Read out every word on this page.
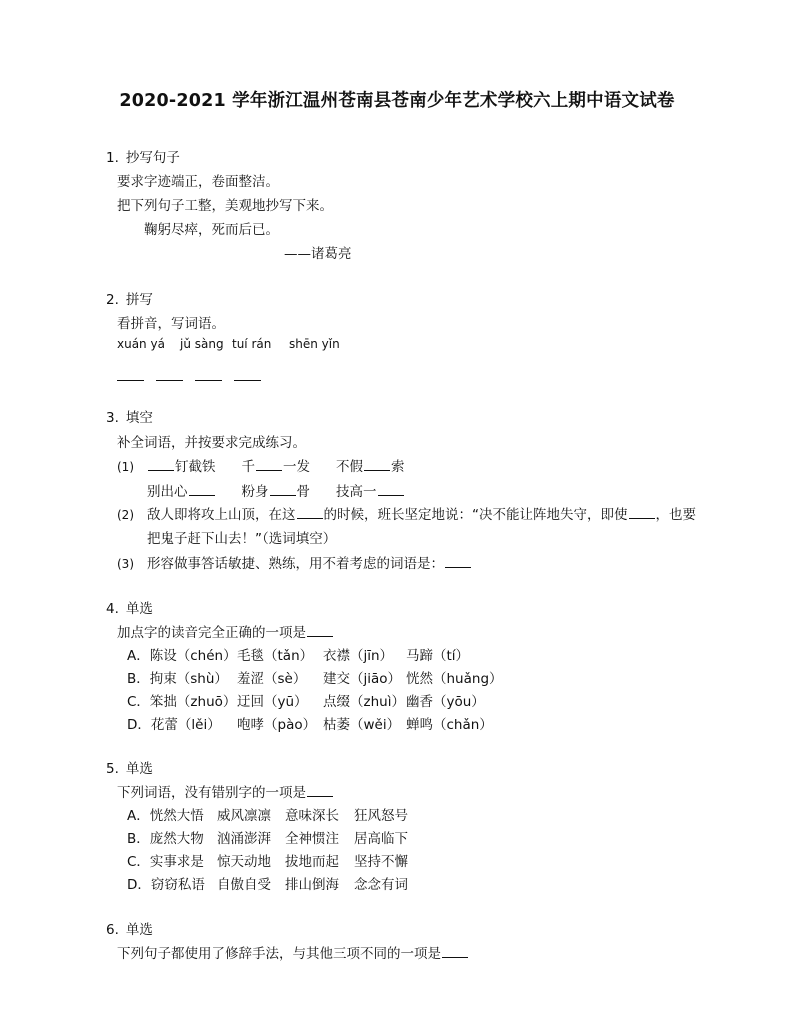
2020-2021 学年浙江温州苍南县苍南少年艺术学校六上期中语文试卷
1. 抄写句子
要求字迹端正，卷面整洁。
把下列句子工整，美观地抄写下来。
鞠躬尽瘁，死而后已。
——诸葛亮
2. 拼写
看拼音，写词语。
xuán yá jǔ sàng tuí rán shēn yǐn
3. 填空
补全词语，并按要求完成练习。
(1)	钉截铁 千 一发 不假 索
别出心	粉身 骨 技高一
(2) 敌人即将攻上山顶，在这 的时候，班长坚定地说：“决不能让阵地失守，即使 ，也要
把鬼子赶下山去！”（选词填空）
(3) 形容做事答话敏捷、熟练，用不着考虑的词语是：
4. 单选
加点字的读音完全正确的一项是
A．陈设（chén）毛毯（tǎn） 衣襟（jīn） 马蹄（tí）
B．拘束（shù） 羞涩（sè） 建交（jiāo） 恍然（huǎng）
C．笨拙（zhuō）迂回（yū） 点缀（zhuì）幽香（yōu）
D．花蕾（lěi） 咆哮（pào） 枯萎（wěi） 蝉鸣（chǎn）
5. 单选
下列词语，没有错别字的一项是
A．恍然大悟 威风凛凛 意味深长 狂风怒号
B．庞然大物 汹涌澎湃 全神惯注 居高临下
C．实事求是 惊天动地 拔地而起 坚持不懈
D．窃窃私语 自傲自受 排山倒海 念念有词
6. 单选
下列句子都使用了修辞手法，与其他三项不同的一项是
